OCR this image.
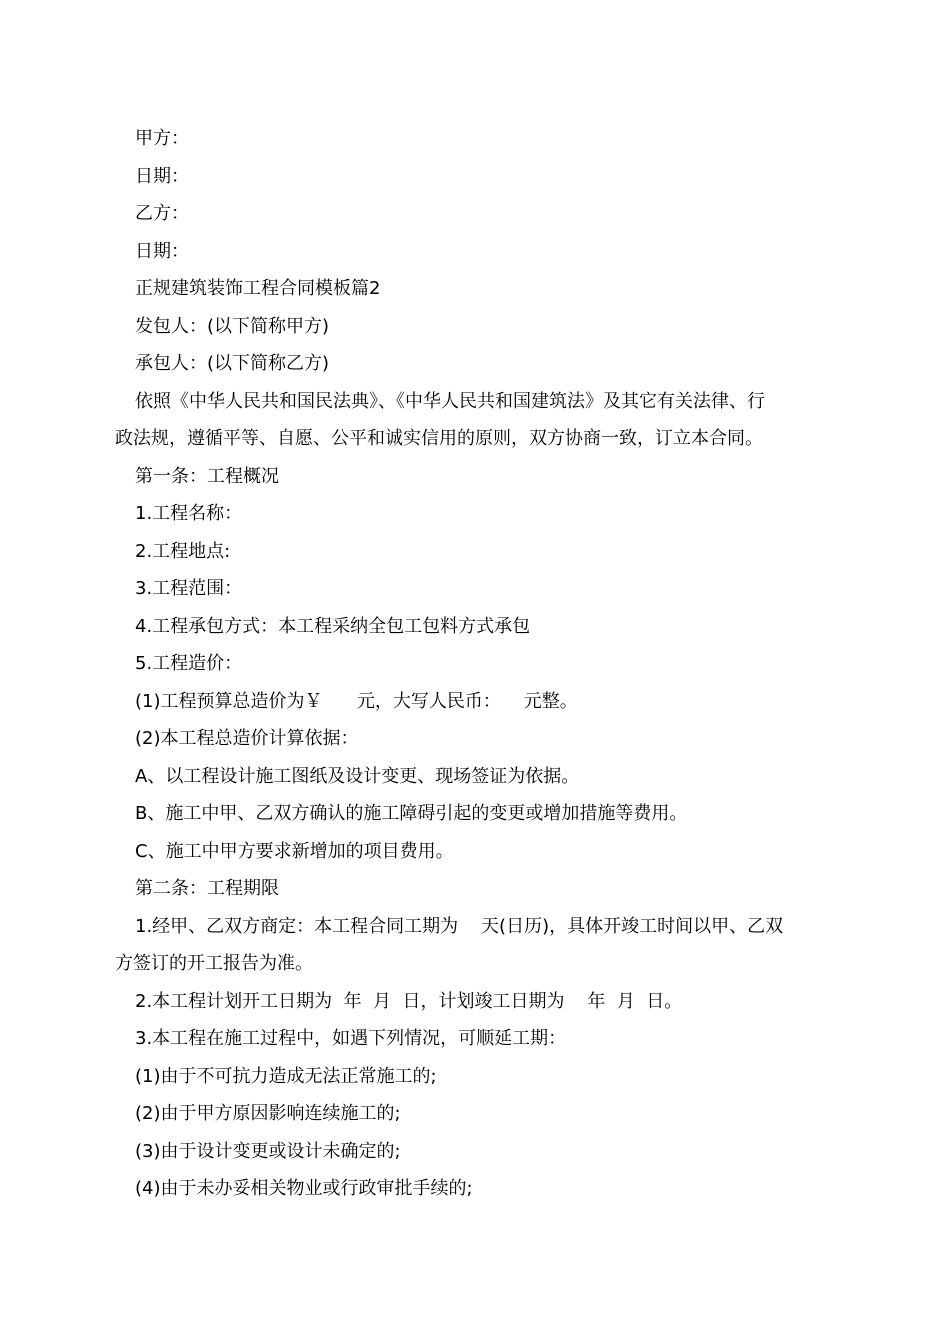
甲方：
日期：
乙方：
日期：
正规建筑装饰工程合同模板篇2
发包人：(以下简称甲方)
承包人：(以下简称乙方)
依照《中华人民共和国民法典》、《中华人民共和国建筑法》及其它有关法律、行
政法规，遵循平等、自愿、公平和诚实信用的原则，双方协商一致，订立本合同。
第一条：工程概况
1.工程名称：
2.工程地点:
3.工程范围：
4.工程承包方式：本工程采纳全包工包料方式承包
5.工程造价：
(1)工程预算总造价为￥      元，大写人民币：    元整。
(2)本工程总造价计算依据：
A、以工程设计施工图纸及设计变更、现场签证为依据。
B、施工中甲、乙双方确认的施工障碍引起的变更或增加措施等费用。
C、施工中甲方要求新增加的项目费用。
第二条：工程期限
1.经甲、乙双方商定：本工程合同工期为    天(日历)，具体开竣工时间以甲、乙双
方签订的开工报告为准。
2.本工程计划开工日期为  年  月  日，计划竣工日期为    年  月  日。
3.本工程在施工过程中，如遇下列情况，可顺延工期：
(1)由于不可抗力造成无法正常施工的;
(2)由于甲方原因影响连续施工的;
(3)由于设计变更或设计未确定的;
(4)由于未办妥相关物业或行政审批手续的;
